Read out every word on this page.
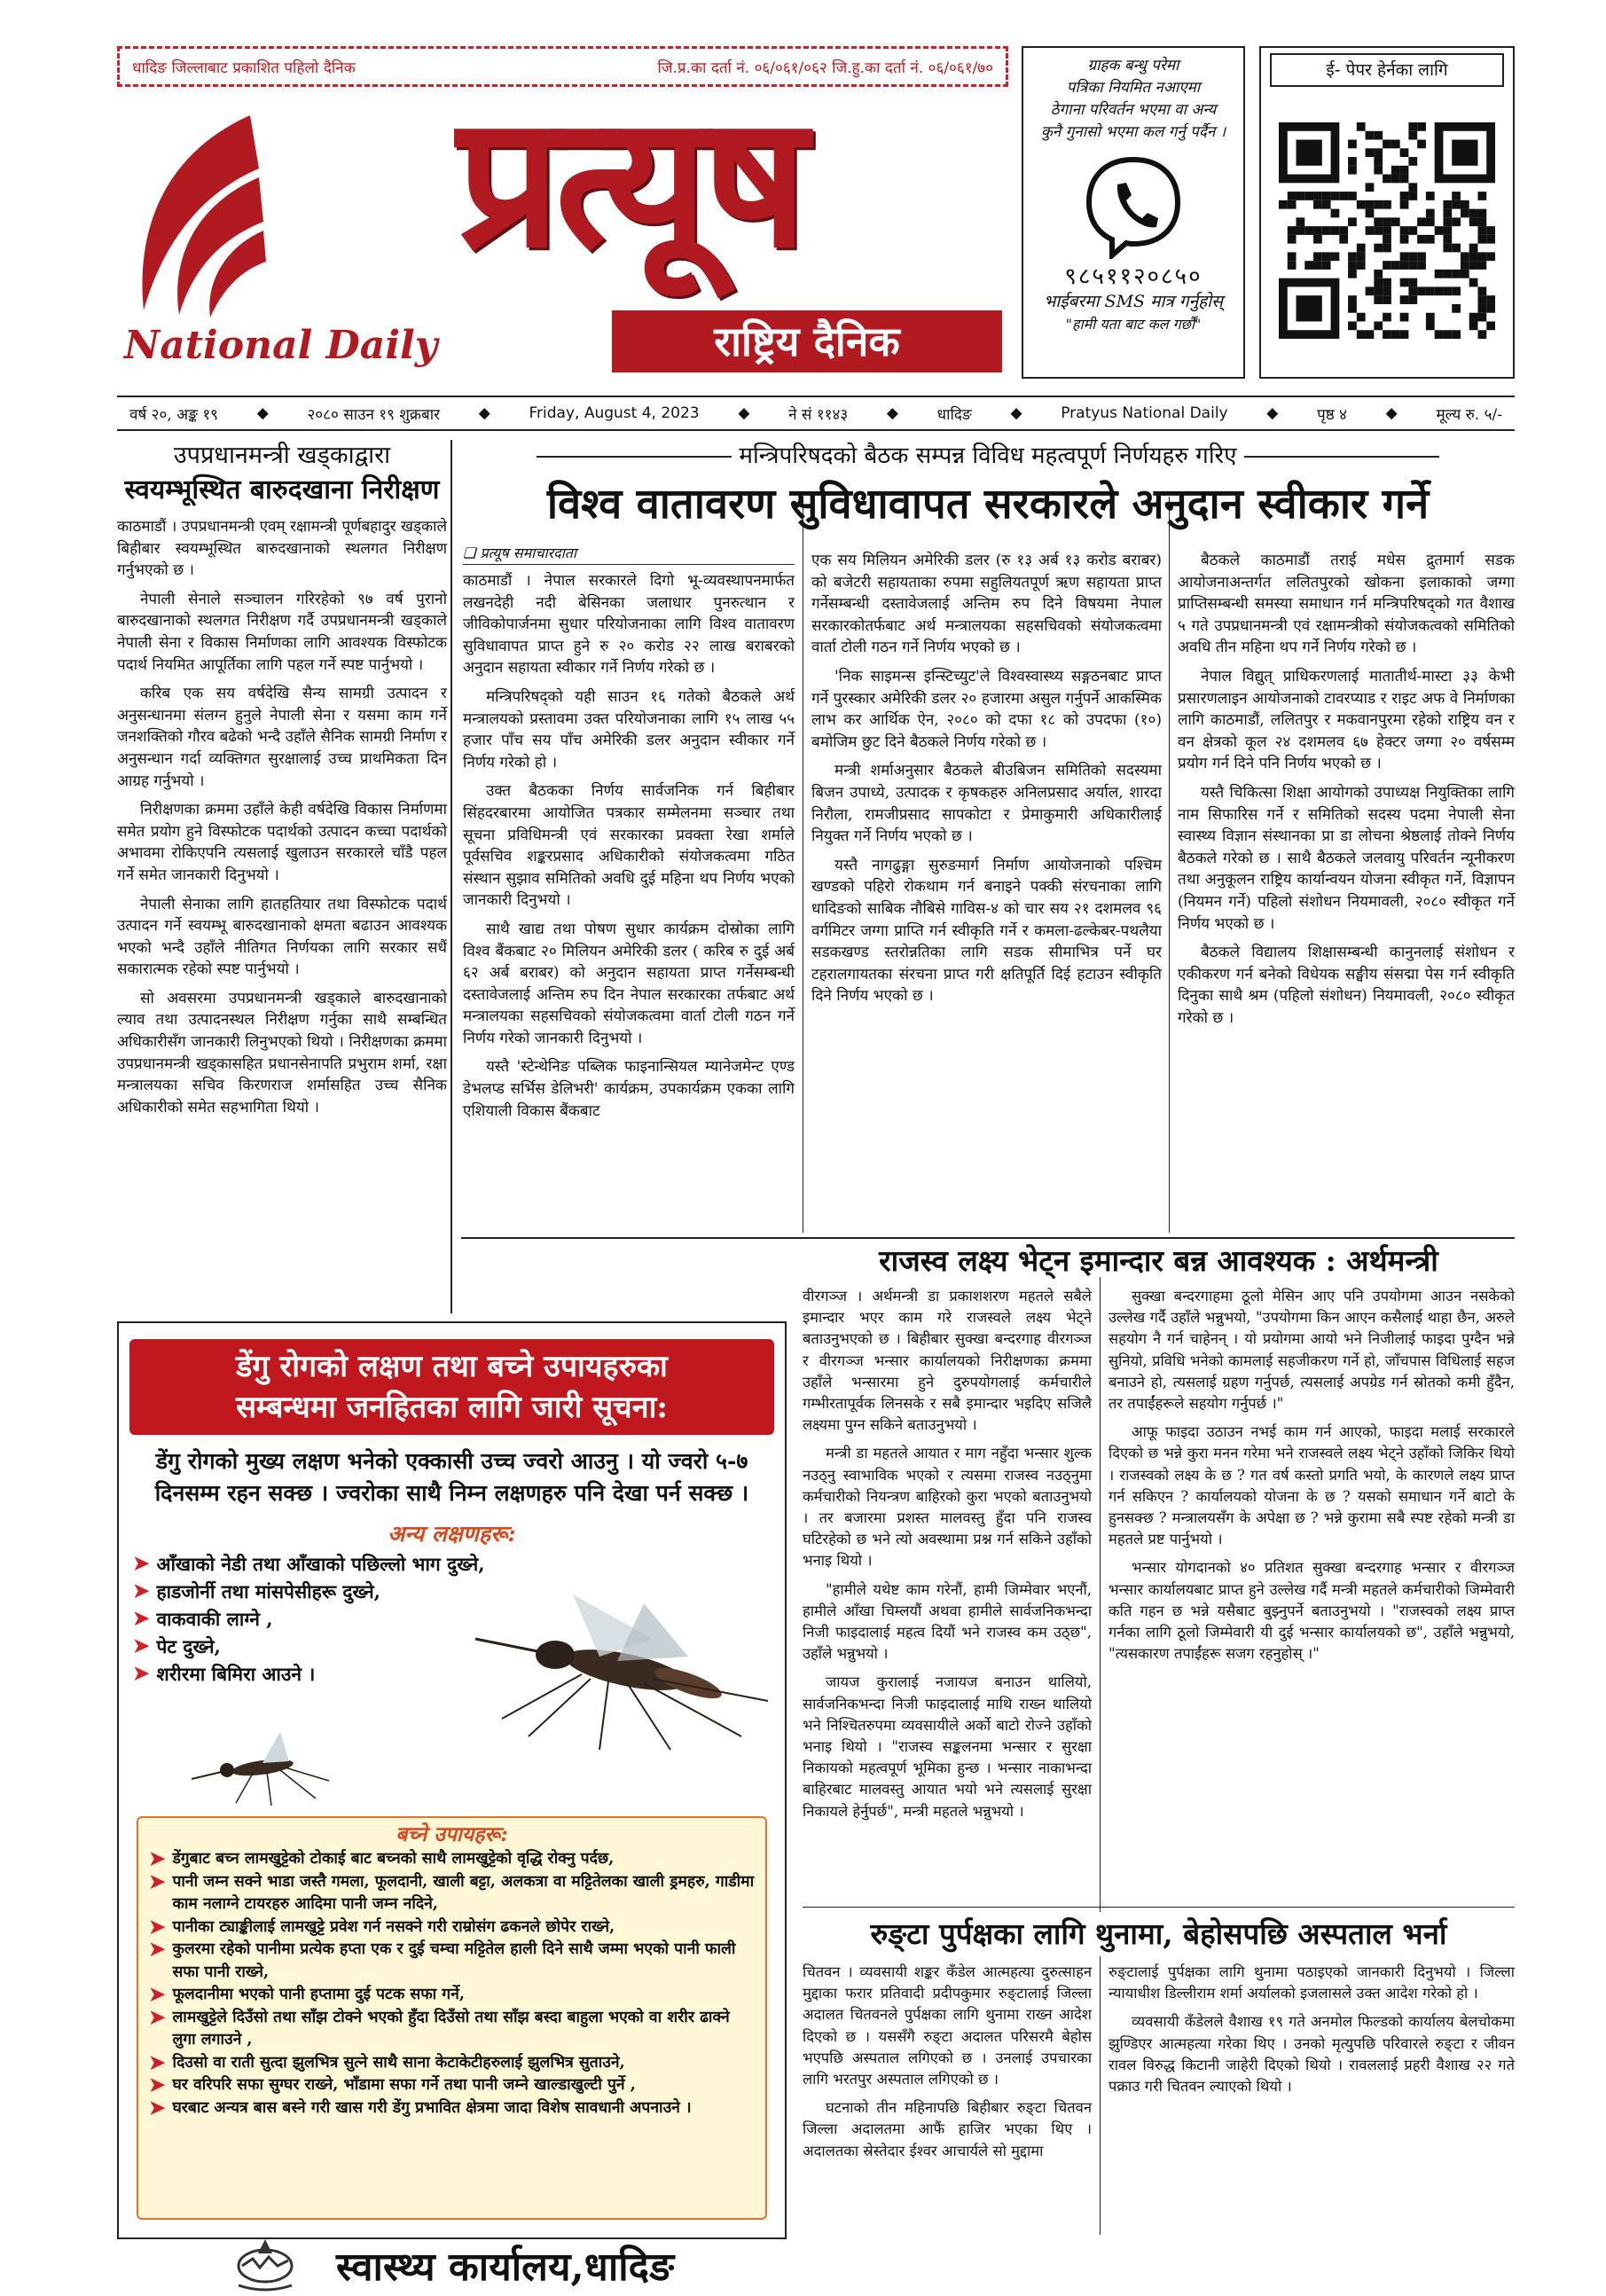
धादिङ जिल्लाबाट प्रकाशित पहिलो दैनिक	जि.प्र.का दर्ता नं. ०६/०६१/०६२ जि.हु.का दर्ता नं. ०६/०६१/७०
प्रत्यूष
National Daily	राष्ट्रिय दैनिक
ग्राहक बन्धु परेमा
पत्रिका नियमित नआएमा
ठेगाना परिवर्तन भएमा वा अन्य
कुनै गुनासो भएमा कल गर्नु पर्दैन ।
९८५११२०८५०
भाईबरमा SMS मात्र गर्नुहोस्
"हामी यता बाट कल गर्छौं"
ई- पेपर हेर्नका लागि
वर्ष २०, अङ्क १९	◆	२०८० साउन १९ शुक्रबार	◆	Friday, August 4, 2023	◆	ने सं ११४३	◆	धादिङ	◆	Pratyus National Daily	◆	पृष्ठ ४	◆	मूल्य रु. ५/-
उपप्रधानमन्त्री खड्काद्वारा
स्वयम्भूस्थित बारुदखाना निरीक्षण

काठमाडौं । उपप्रधानमन्त्री एवम् रक्षामन्त्री पूर्णबहादुर खड्काले बिहीबार स्वयम्भूस्थित बारुदखानाको स्थलगत निरीक्षण गर्नुभएको छ ।

नेपाली सेनाले सञ्चालन गरिरहेको ९७ वर्ष पुरानो बारुदखानाको स्थलगत निरीक्षण गर्दै उपप्रधानमन्त्री खड्काले नेपाली सेना र विकास निर्माणका लागि आवश्यक विस्फोटक पदार्थ नियमित आपूर्तिका लागि पहल गर्ने स्पष्ट पार्नुभयो ।

करिब एक सय वर्षदेखि सैन्य सामग्री उत्पादन र अनुसन्धानमा संलग्न हुनुले नेपाली सेना र यसमा काम गर्ने जनशक्तिको गौरव बढेको भन्दै उहाँले सैनिक सामग्री निर्माण र अनुसन्धान गर्दा व्यक्तिगत सुरक्षालाई उच्च प्राथमिकता दिन आग्रह गर्नुभयो ।

निरीक्षणका क्रममा उहाँले केही वर्षदेखि विकास निर्माणमा समेत प्रयोग हुने विस्फोटक पदार्थको उत्पादन कच्चा पदार्थको अभावमा रोकिएपनि त्यसलाई खुलाउन सरकारले चाँडै पहल गर्ने समेत जानकारी दिनुभयो ।

नेपाली सेनाका लागि हातहतियार तथा विस्फोटक पदार्थ उत्पादन गर्ने स्वयम्भू बारुदखानाको क्षमता बढाउन आवश्यक भएको भन्दै उहाँले नीतिगत निर्णयका लागि सरकार सधैं सकारात्मक रहेको स्पष्ट पार्नुभयो ।

सो अवसरमा उपप्रधानमन्त्री खड्काले बारुदखानाको ल्याव तथा उत्पादनस्थल निरीक्षण गर्नुका साथै सम्बन्धित अधिकारीसँग जानकारी लिनुभएको थियो । निरीक्षणका क्रममा उपप्रधानमन्त्री खड्कासहित प्रधानसेनापति प्रभुराम शर्मा, रक्षा मन्त्रालयका सचिव किरणराज शर्मासहित उच्च सैनिक अधिकारीको समेत सहभागिता थियो ।

मन्त्रिपरिषदको बैठक सम्पन्न विविध महत्वपूर्ण निर्णयहरु गरिए
विश्व वातावरण सुविधावापत सरकारले अनुदान स्वीकार गर्ने
❑ प्रत्यूष समाचारदाता

काठमाडौं । नेपाल सरकारले दिगो भू-व्यवस्थापनमार्फत लखनदेही नदी बेसिनका जलाधार पुनरुत्थान र जीविकोपार्जनमा सुधार परियोजनाका लागि विश्व वातावरण सुविधावापत प्राप्त हुने रु २० करोड २२ लाख बराबरको अनुदान सहायता स्वीकार गर्ने निर्णय गरेको छ ।

मन्त्रिपरिषद्को यही साउन १६ गतेको बैठकले अर्थ मन्त्रालयको प्रस्तावमा उक्त परियोजनाका लागि १५ लाख ५५ हजार पाँच सय पाँच अमेरिकी डलर अनुदान स्वीकार गर्ने निर्णय गरेको हो ।

उक्त बैठकका निर्णय सार्वजनिक गर्न बिहीबार सिंहदरबारमा आयोजित पत्रकार सम्मेलनमा सञ्चार तथा सूचना प्रविधिमन्त्री एवं सरकारका प्रवक्ता रेखा शर्माले पूर्वसचिव शङ्करप्रसाद अधिकारीको संयोजकत्वमा गठित संस्थान सुझाव समितिको अवधि दुई महिना थप निर्णय भएको जानकारी दिनुभयो ।

साथै खाद्य तथा पोषण सुधार कार्यक्रम दोस्रोका लागि विश्व बैंकबाट २० मिलियन अमेरिकी डलर ( करिब रु दुई अर्ब ६२ अर्ब बराबर) को अनुदान सहायता प्राप्त गर्नेसम्बन्धी दस्तावेजलाई अन्तिम रुप दिन नेपाल सरकारका तर्फबाट अर्थ मन्त्रालयका सहसचिवको संयोजकत्वमा वार्ता टोली गठन गर्ने निर्णय गरेको जानकारी दिनुभयो ।

यस्तै 'स्टेन्थेनिङ पब्लिक फाइनान्सियल म्यानेजमेन्ट एण्ड डेभलप्ड सर्भिस डेलिभरी' कार्यक्रम, उपकार्यक्रम एकका लागि एशियाली विकास बैंकबाट

एक सय मिलियन अमेरिकी डलर (रु १३ अर्ब १३ करोड बराबर) को बजेटरी सहायताका रुपमा सहुलियतपूर्ण ऋण सहायता प्राप्त गर्नेसम्बन्धी दस्तावेजलाई अन्तिम रुप दिने विषयमा नेपाल सरकारकोतर्फबाट अर्थ मन्त्रालयका सहसचिवको संयोजकत्वमा वार्ता टोली गठन गर्ने निर्णय भएको छ ।

'निक साइमन्स इन्स्टिच्युट'ले विश्वस्वास्थ्य सङ्गठनबाट प्राप्त गर्ने पुरस्कार अमेरिकी डलर २० हजारमा असुल गर्नुपर्ने आकस्मिक लाभ कर आर्थिक ऐन, २०८० को दफा १८ को उपदफा (१०) बमोजिम छुट दिने बैठकले निर्णय गरेको छ ।

मन्त्री शर्माअनुसार बैठकले बीउबिजन समितिको सदस्यमा बिजन उपाध्ये, उत्पादक र कृषकहरु अनिलप्रसाद अर्याल, शारदा निरौला, रामजीप्रसाद सापकोटा र प्रेमाकुमारी अधिकारीलाई नियुक्त गर्ने निर्णय भएको छ ।

यस्तै नागढुङ्गा सुरुङमार्ग निर्माण आयोजनाको पश्चिम खण्डको पहिरो रोकथाम गर्न बनाइने पक्की संरचनाका लागि धादिङको साबिक नौबिसे गाविस-४ को चार सय २१ दशमलव ९६ वर्गमिटर जग्गा प्राप्ति गर्न स्वीकृति गर्ने र कमला-ढल्केबर-पथलैया सडकखण्ड स्तरोन्नतिका लागि सडक सीमाभित्र पर्ने घर टहरालगायतका संरचना प्राप्त गरी क्षतिपूर्ति दिई हटाउन स्वीकृति दिने निर्णय भएको छ ।

बैठकले काठमाडौं तराई मधेस द्रुतमार्ग सडक आयोजनाअन्तर्गत ललितपुरको खोकना इलाकाको जग्गा प्राप्तिसम्बन्धी समस्या समाधान गर्न मन्त्रिपरिषद्को गत वैशाख ५ गते उपप्रधानमन्त्री एवं रक्षामन्त्रीको संयोजकत्वको समितिको अवधि तीन महिना थप गर्ने निर्णय गरेको छ ।

नेपाल विद्युत् प्राधिकरणलाई माताती‍र्थ-मास्टा ३३ केभी प्रसारणलाइन आयोजनाको टावरप्याड र राइट अफ वे निर्माणका लागि काठमाडौं, ललितपुर र मकवानपुरमा रहेको राष्ट्रिय वन र वन क्षेत्रको कूल २४ दशमलव ६७ हेक्टर जग्गा २० वर्षसम्म प्रयोग गर्न दिने पनि निर्णय भएको छ ।

यस्तै चिकित्सा शिक्षा आयोगको उपाध्यक्ष नियुक्तिका लागि नाम सिफारिस गर्ने र समितिको सदस्य पदमा नेपाली सेना स्वास्थ्य विज्ञान संस्थानका प्रा डा लोचना श्रेष्ठलाई तोक्ने निर्णय बैठकले गरेको छ । साथै बैठकले जलवायु परिवर्तन न्यूनीकरण तथा अनुकूलन राष्ट्रिय कार्यान्वयन योजना स्वीकृत गर्ने, विज्ञापन (नियमन गर्ने) पहिलो संशोधन नियमावली, २०८० स्वीकृत गर्ने निर्णय भएको छ ।

बैठकले विद्यालय शिक्षासम्बन्धी कानुनलाई संशोधन र एकीकरण गर्न बनेको विधेयक सङ्घीय संसद्मा पेस गर्न स्वीकृति दिनुका साथै श्रम (पहिलो संशोधन) नियमावली, २०८० स्वीकृत गरेको छ ।

राजस्व लक्ष्य भेट्न इमान्दार बन्न आवश्यक : अर्थमन्त्री

वीरगञ्ज । अर्थमन्त्री डा प्रकाशशरण महतले सबैले इमान्दार भएर काम गरे राजस्वले लक्ष्य भेट्ने बताउनुभएको छ । बिहीबार सुक्खा बन्दरगाह वीरगञ्ज र वीरगञ्ज भन्सार कार्यालयको निरीक्षणका क्रममा उहाँले भन्सारमा हुने दुरुपयोगलाई कर्मचारीले गम्भीरतापूर्वक लिनसके र सबै इमान्दार भइदिए सजिलै लक्ष्यमा पुग्न सकिने बताउनुभयो ।

मन्त्री डा महतले आयात र माग नहुँदा भन्सार शुल्क नउठ्नु स्वाभाविक भएको र त्यसमा राजस्व नउठ्नुमा कर्मचारीको नियन्त्रण बाहिरको कुरा भएको बताउनुभयो । तर बजारमा प्रशस्त मालवस्तु हुँदा पनि राजस्व घटिरहेको छ भने त्यो अवस्थामा प्रश्न गर्न सकिने उहाँको भनाइ थियो ।

"हामीले यथेष्ट काम गरेनौं, हामी जिम्मेवार भएनौं, हामीले आँखा चिम्लयौं अथवा हामीले सार्वजनिकभन्दा निजी फाइदालाई महत्व दियौं भने राजस्व कम उठ्छ", उहाँले भन्नुभयो ।

जायज कुरालाई नजायज बनाउन थालियो, सार्वजनिकभन्दा निजी फाइदालाई माथि राख्न थालियो भने निश्चितरुपमा व्यवसायीले अर्को बाटो रोज्ने उहाँको भनाइ थियो । "राजस्व सङ्कलनमा भन्सार र सुरक्षा निकायको महत्वपूर्ण भूमिका हुन्छ । भन्सार नाकाभन्दा बाहिरबाट मालवस्तु आयात भयो भने त्यसलाई सुरक्षा निकायले हेर्नुपर्छ", मन्त्री महतले भन्नुभयो ।

सुक्खा बन्दरगाहमा ठूलो मेसिन आए पनि उपयोगमा आउन नसकेको उल्लेख गर्दै उहाँले भन्नुभयो, "उपयोगमा किन आएन कसैलाई थाहा छैन, अरुले सहयोग नै गर्न चाहेनन् । यो प्रयोगमा आयो भने निजीलाई फाइदा पुग्दैन भन्ने सुनियो, प्रविधि भनेको कामलाई सहजीकरण गर्ने हो, जाँचपास विधिलाई सहज बनाउने हो, त्यसलाई ग्रहण गर्नुपर्छ, त्यसलाई अपग्रेड गर्न स्रोतको कमी हुँदैन, तर तपाईंहरूले सहयोग गर्नुपर्छ ।"

आफू फाइदा उठाउन नभई काम गर्न आएको, फाइदा मलाई सरकारले दिएको छ भन्ने कुरा मनन गरेमा भने राजस्वले लक्ष्य भेट्ने उहाँको जिकिर थियो । राजस्वको लक्ष्य के छ ? गत वर्ष कस्तो प्रगति भयो, के कारणले लक्ष्य प्राप्त गर्न सकिएन ? कार्यालयको योजना के छ ? यसको समाधान गर्ने बाटो के हुनसक्छ ? मन्त्रालयसँग के अपेक्षा छ ? भन्ने कुरामा सबै स्पष्ट रहेको मन्त्री डा महतले प्रष्ट पार्नुभयो ।

भन्सार योगदानको ४० प्रतिशत सुक्खा बन्दरगाह भन्सार र वीरगञ्ज भन्सार कार्यालयबाट प्राप्त हुने उल्लेख गर्दै मन्त्री महतले कर्मचारीको जिम्मेवारी कति गहन छ भन्ने यसैबाट बुझ्नुपर्ने बताउनुभयो । "राजस्वको लक्ष्य प्राप्त गर्नका लागि ठूलो जिम्मेवारी यी दुई भन्सार कार्यालयको छ", उहाँले भन्नुभयो, "त्यसकारण तपाईंहरू सजग रहनुहोस् ।"

रुङ्टा पुर्पक्षका लागि थुनामा, बेहोसपछि अस्पताल भर्ना

चितवन । व्यवसायी शङ्कर कँडेल आत्महत्या दुरुत्साहन मुद्दाका फरार प्रतिवादी प्रदीपकुमार रुङ्टालाई जिल्ला अदालत चितवनले पुर्पक्षका लागि थुनामा राख्न आदेश दिएको छ । यससँगै रुङ्टा अदालत परिसरमै बेहोस भएपछि अस्पताल लगिएको छ । उनलाई उपचारका लागि भरतपुर अस्पताल लगिएको छ ।

घटनाको तीन महिनापछि बिहीबार रुङ्टा चितवन जिल्ला अदालतमा आफैं हाजिर भएका थिए । अदालतका स्रेस्तेदार ईश्वर आचार्यले सो मुद्दामा

रुङ्टालाई पुर्पक्षका लागि थुनामा पठाइएको जानकारी दिनुभयो । जिल्ला न्यायाधीश डिल्लीराम शर्मा अर्यालको इजलासले उक्त आदेश गरेको हो ।

व्यवसायी कँडेलले वैशाख १९ गते अनमोल फिल्डको कार्यालय बेलचोकमा झुण्डिएर आत्महत्या गरेका थिए । उनको मृत्युपछि परिवारले रुङ्टा र जीवन रावल विरुद्ध किटानी जाहेरी दिएको थियो । रावललाई प्रहरी वैशाख २२ गते पक्राउ गरी चितवन ल्याएको थियो ।

डेंगु रोगको लक्षण तथा बच्ने उपायहरुका
सम्बन्धमा जनहितका लागि जारी सूचना:
डेंगु रोगको मुख्य लक्षण भनेको एक्कासी उच्च ज्वरो आउनु । यो ज्वरो ५-७ दिनसम्म रहन सक्छ । ज्वरोका साथै निम्न लक्षणहरु पनि देखा पर्न सक्छ ।
अन्य लक्षणहरू:
➤ आँखाको नेडी तथा आँखाको पछिल्लो भाग दुख्ने,
➤ हाडजोर्नी तथा मांसपेसीहरू दुख्ने,
➤ वाकवाकी लाग्ने ,
➤ पेट दुख्ने,
➤ शरीरमा बिमिरा आउने ।
बच्ने उपायहरू:
➤ डेंगुबाट बच्न लामखुट्टेको टोकाई बाट बच्नको साथै लामखुट्टेको वृद्धि रोक्नु पर्दछ,
➤ पानी जम्न सक्ने भाडा जस्तै गमला, फूलदानी, खाली बट्टा, अलकत्रा वा मट्टितेलका खाली ड्रमहरु, गाडीमा काम नलाग्ने टायरहरु आदिमा पानी जम्न नदिने,
➤ पानीका ट्याङ्कीलाई लामखुट्टे प्रवेश गर्न नसक्ने गरी राम्रोसंग ढकनले छोपेर राख्ने,
➤ कुलरमा रहेको पानीमा प्रत्येक हप्ता एक र दुई चम्चा मट्टितेल हाली दिने साथै जम्मा भएको पानी फाली सफा पानी राख्ने,
➤ फूलदानीमा भएको पानी हप्तामा दुई पटक सफा गर्ने,
➤ लामखुट्टेले दिउँसो तथा साँझ टोक्ने भएको हुँदा दिउँसो तथा साँझ बस्दा बाहुला भएको वा शरीर ढाक्ने लुगा लगाउने ,
➤ दिउसो वा राती सुत्दा झुलभित्र सुत्ने साथै साना केटाकेटीहरुलाई झुलभित्र सुताउने,
➤ घर वरिपरि सफा सुग्घर राख्ने, भाँडामा सफा गर्ने तथा पानी जम्ने खाल्डाखुल्टी पुर्ने ,
➤ घरबाट अन्यत्र बास बस्ने गरी खास गरी डेंगु प्रभावित क्षेत्रमा जादा विशेष सावधानी अपनाउने ।
स्वास्थ्य कार्यालय,धादिङ
